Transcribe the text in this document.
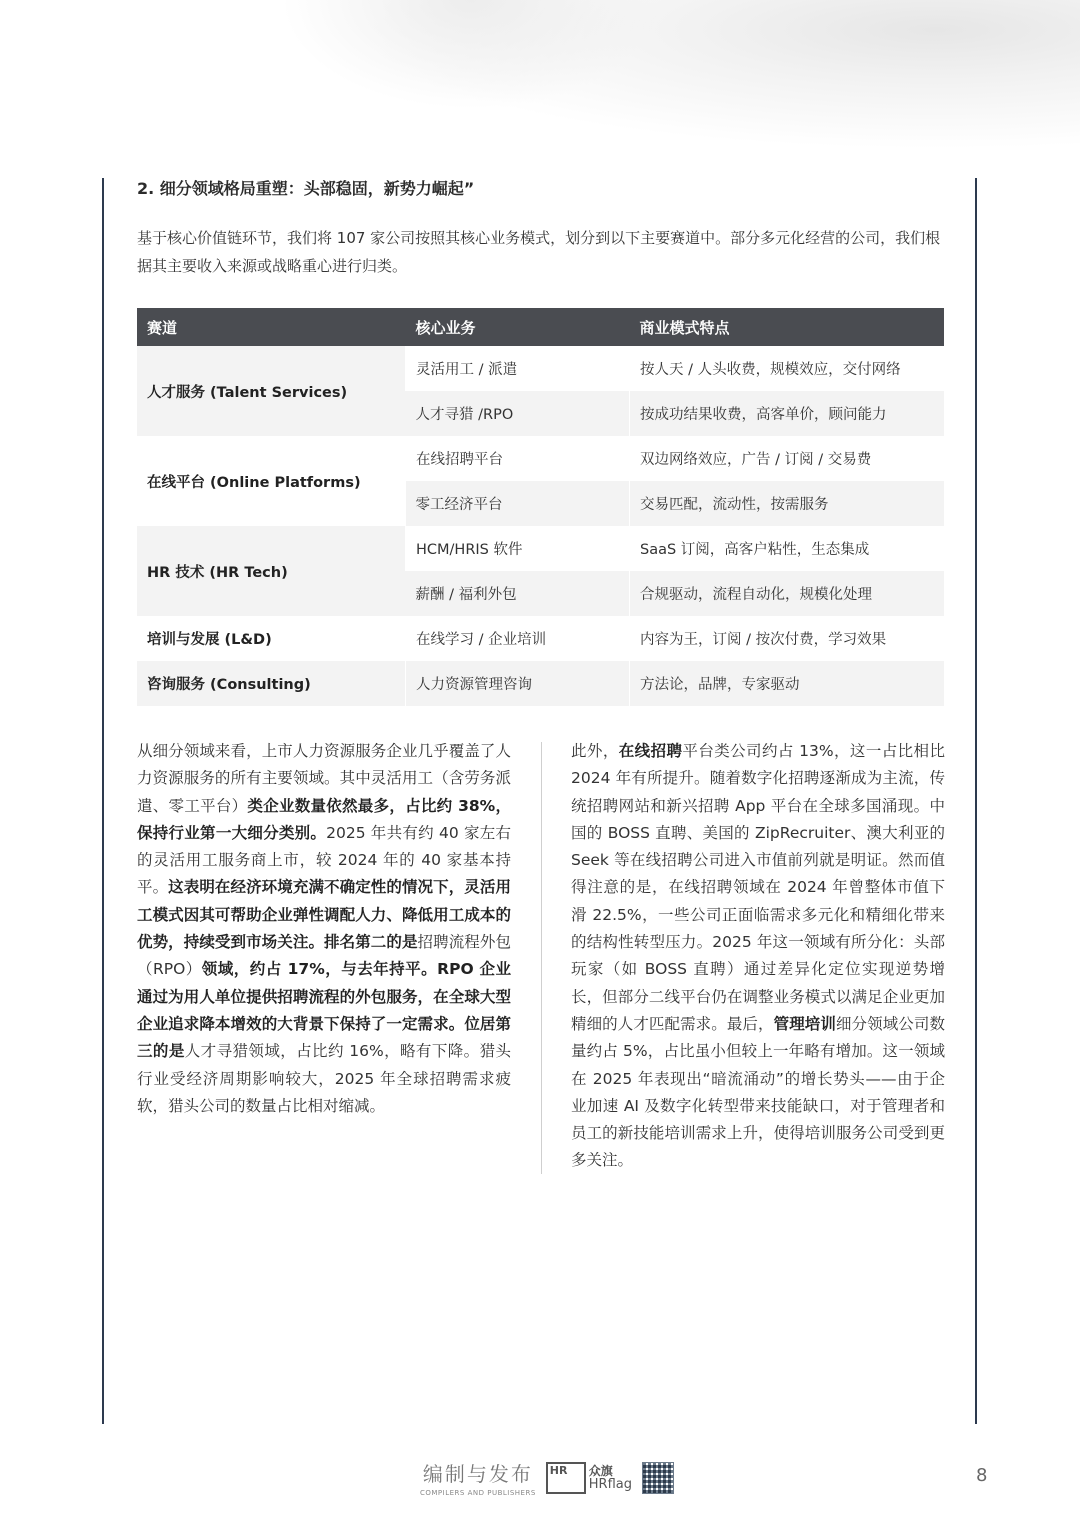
2. 细分领域格局重塑：头部稳固，新势力崛起”
基于核心价值链环节，我们将 107 家公司按照其核心业务模式，划分到以下主要赛道中。部分多元化经营的公司，我们根据其主要收入来源或战略重心进行归类。
赛道	核心业务	商业模式特点
人才服务 (Talent Services)	灵活用工 / 派遣	按人天 / 人头收费，规模效应，交付网络
	人才寻猎 /RPO	按成功结果收费，高客单价，顾问能力
在线平台 (Online Platforms)	在线招聘平台	双边网络效应，广告 / 订阅 / 交易费
	零工经济平台	交易匹配，流动性，按需服务
HR 技术 (HR Tech)	HCM/HRIS 软件	SaaS 订阅，高客户粘性，生态集成
	薪酬 / 福利外包	合规驱动，流程自动化，规模化处理
培训与发展 (L&D)	在线学习 / 企业培训	内容为王，订阅 / 按次付费，学习效果
咨询服务 (Consulting)	人力资源管理咨询	方法论，品牌，专家驱动
从细分领域来看，上市人力资源服务企业几乎覆盖了人力资源服务的所有主要领域。其中灵活用工（含劳务派遣、零工平台）类企业数量依然最多，占比约 38%，保持行业第一大细分类别。2025 年共有约 40 家左右的灵活用工服务商上市，较 2024 年的 40 家基本持平。这表明在经济环境充满不确定性的情况下，灵活用工模式因其可帮助企业弹性调配人力、降低用工成本的优势，持续受到市场关注。排名第二的是招聘流程外包（RPO）领域，约占 17%，与去年持平。RPO 企业通过为用人单位提供招聘流程的外包服务，在全球大型企业追求降本增效的大背景下保持了一定需求。位居第三的是人才寻猎领域，占比约 16%，略有下降。猎头行业受经济周期影响较大，2025 年全球招聘需求疲软，猎头公司的数量占比相对缩减。
此外，在线招聘平台类公司约占 13%，这一占比相比 2024 年有所提升。随着数字化招聘逐渐成为主流，传统招聘网站和新兴招聘 App 平台在全球多国涌现。中国的 BOSS 直聘、美国的 ZipRecruiter、澳大利亚的 Seek 等在线招聘公司进入市值前列就是明证。然而值得注意的是，在线招聘领域在 2024 年曾整体市值下滑 22.5%，一些公司正面临需求多元化和精细化带来的结构性转型压力。2025 年这一领域有所分化：头部玩家（如 BOSS 直聘）通过差异化定位实现逆势增长，但部分二线平台仍在调整业务模式以满足企业更加精细的人才匹配需求。最后，管理培训细分领域公司数量约占 5%，占比虽小但较上一年略有增加。这一领域在 2025 年表现出“暗流涌动”的增长势头——由于企业加速 AI 及数字化转型带来技能缺口，对于管理者和员工的新技能培训需求上升，使得培训服务公司受到更多关注。
编制与发布
COMPILERS AND PUBLISHERS
HR 众旗
HRflag	8
